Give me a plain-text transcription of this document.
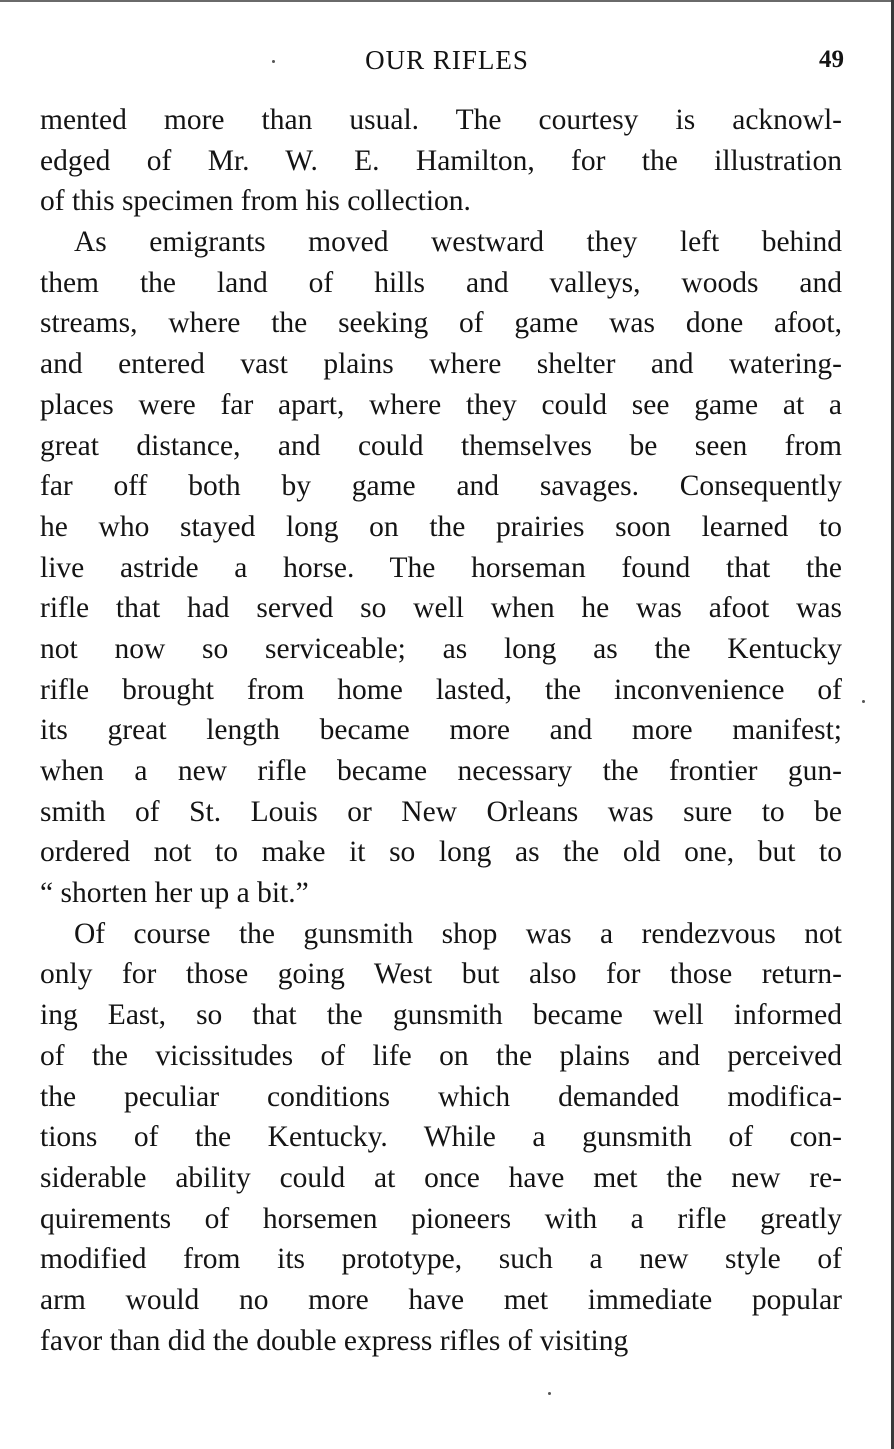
OUR RIFLES	49
mented more than usual. The courtesy is acknowl-
edged of Mr. W. E. Hamilton, for the illustration
of this specimen from his collection.
As emigrants moved westward they left behind
them the land of hills and valleys, woods and
streams, where the seeking of game was done afoot,
and entered vast plains where shelter and watering-
places were far apart, where they could see game at a
great distance, and could themselves be seen from
far off both by game and savages. Consequently
he who stayed long on the prairies soon learned to
live astride a horse. The horseman found that the
rifle that had served so well when he was afoot was
not now so serviceable; as long as the Kentucky
rifle brought from home lasted, the inconvenience of
its great length became more and more manifest;
when a new rifle became necessary the frontier gun-
smith of St. Louis or New Orleans was sure to be
ordered not to make it so long as the old one, but to
“ shorten her up a bit.”
Of course the gunsmith shop was a rendezvous not
only for those going West but also for those return-
ing East, so that the gunsmith became well informed
of the vicissitudes of life on the plains and perceived
the peculiar conditions which demanded modifica-
tions of the Kentucky. While a gunsmith of con-
siderable ability could at once have met the new re-
quirements of horsemen pioneers with a rifle greatly
modified from its prototype, such a new style of
arm would no more have met immediate popular
favor than did the double express rifles of visiting
